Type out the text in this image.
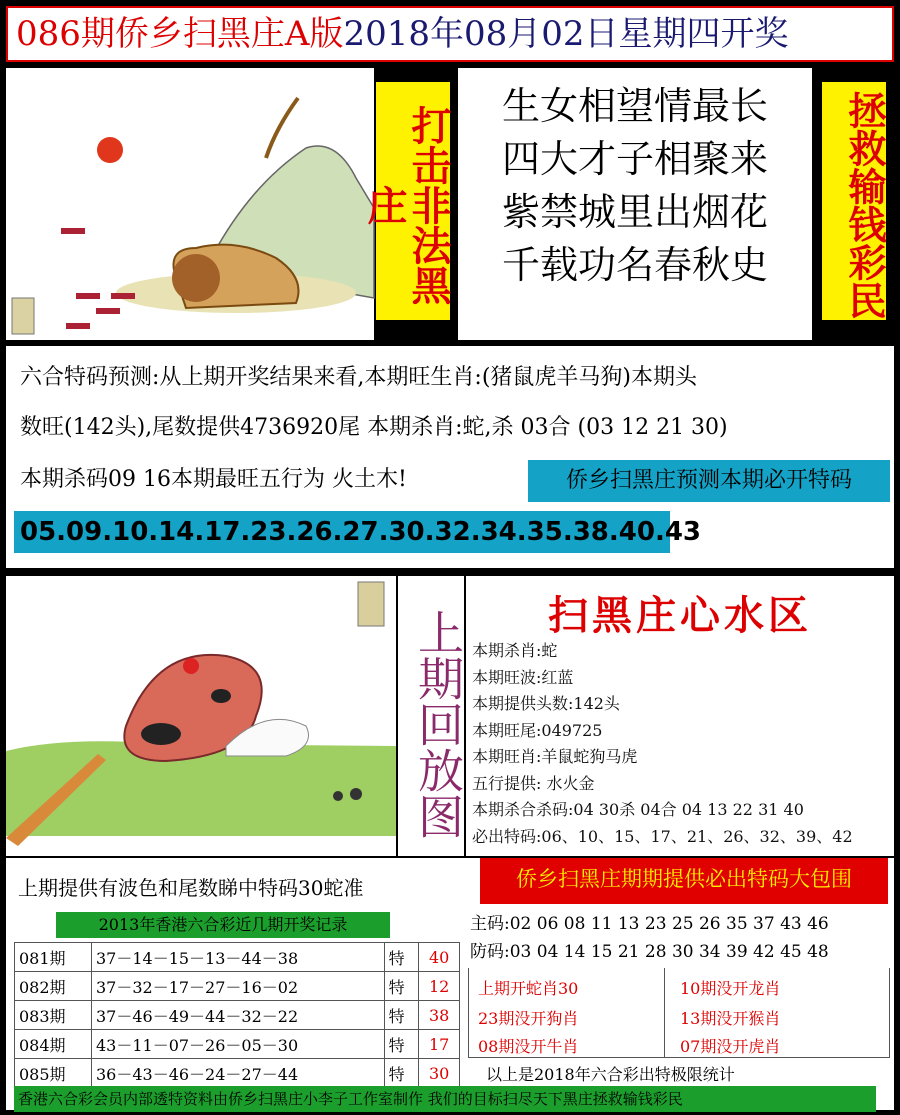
086期侨乡扫黑庄A版2018年08月02日星期四开奖
打击非法黑庄
生女相望情最长
四大才子相聚来
紫禁城里出烟花
千载功名春秋史	拯救输钱彩民
六合特码预测:从上期开奖结果来看,本期旺生肖:(猪鼠虎羊马狗)本期头
数旺(142头),尾数提供4736920尾 本期杀肖:蛇,杀 03合 (03 12 21 30)
本期杀码09 16本期最旺五行为 火土木!	侨乡扫黑庄预测本期必开特码
05.09.10.14.17.23.26.27.30.32.34.35.38.40.43
上期回放图	扫黑庄心水区
本期杀肖:蛇
本期旺波:红蓝
本期提供头数:142头
本期旺尾:049725
本期旺肖:羊鼠蛇狗马虎
五行提供: 水火金
本期杀合杀码:04 30杀 04合 04 13 22 31 40
必出特码:06、10、15、17、21、26、32、39、42
上期提供有波色和尾数睇中特码30蛇准	侨乡扫黑庄期期提供必出特码大包围
2013年香港六合彩近几期开奖记录
081期	37－14－15－13－44－38	特	40
082期	37－32－17－27－16－02	特	12
083期	37－46－49－44－32－22	特	38
084期	43－11－07－26－05－30	特	17
085期	36－43－46－24－27－44	特	30
主码:02 06 08 11 13 23 25 26 35 37 43 46
防码:03 04 14 15 21 28 30 34 39 42 45 48
上期开蛇肖30	10期没开龙肖
23期没开狗肖	13期没开猴肖
08期没开牛肖	07期没开虎肖
以上是2018年六合彩出特极限统计
香港六合彩会员内部透特资料由侨乡扫黑庄小李子工作室制作 我们的目标扫尽天下黑庄拯救输钱彩民
